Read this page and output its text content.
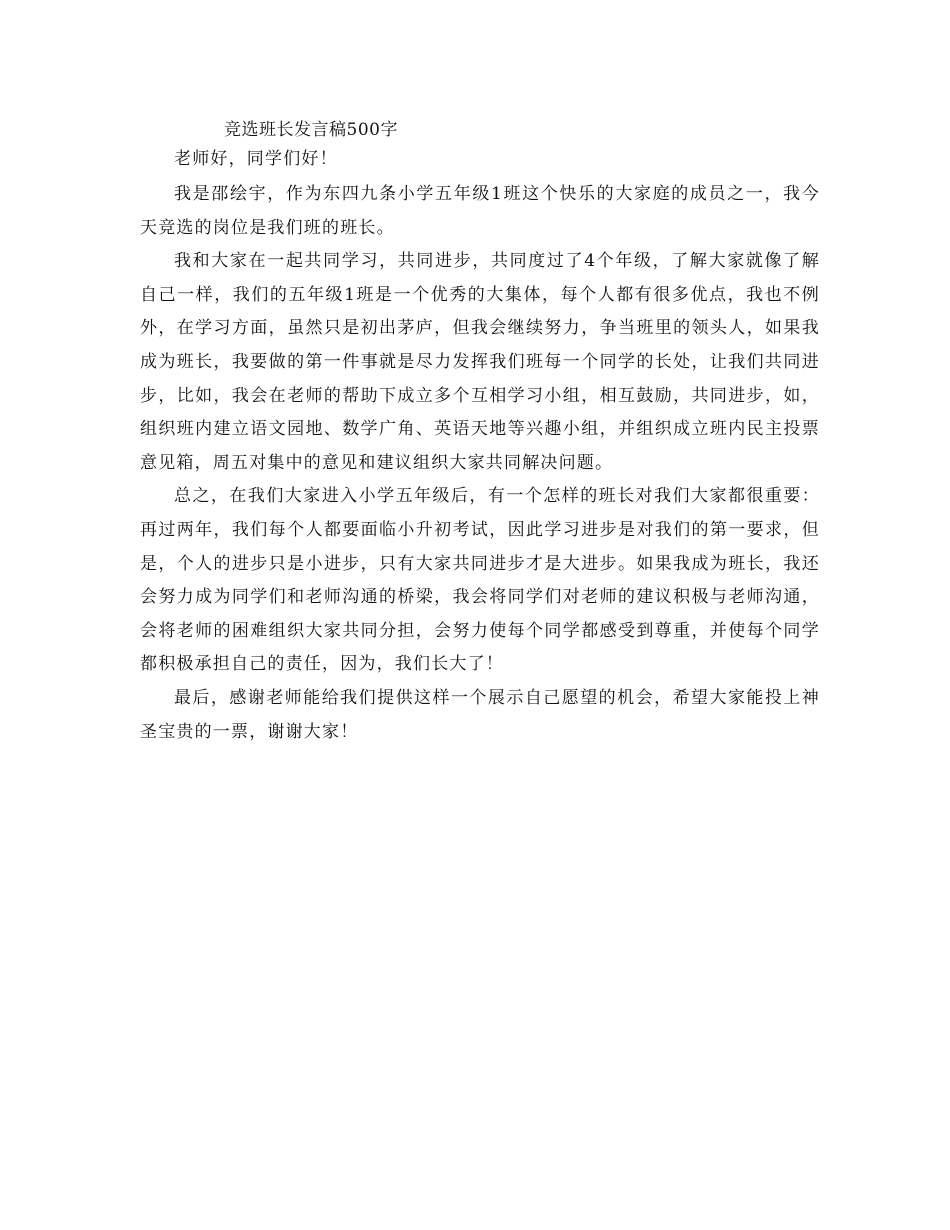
竞选班长发言稿500字

老师好，同学们好！

我是邵绘宇，作为东四九条小学五年级1班这个快乐的大家庭的成员之一，我今天竞选的岗位是我们班的班长。

我和大家在一起共同学习，共同进步，共同度过了4个年级，了解大家就像了解自己一样，我们的五年级1班是一个优秀的大集体，每个人都有很多优点，我也不例外，在学习方面，虽然只是初出茅庐，但我会继续努力，争当班里的领头人，如果我成为班长，我要做的第一件事就是尽力发挥我们班每一个同学的长处，让我们共同进步，比如，我会在老师的帮助下成立多个互相学习小组，相互鼓励，共同进步，如，组织班内建立语文园地、数学广角、英语天地等兴趣小组，并组织成立班内民主投票意见箱，周五对集中的意见和建议组织大家共同解决问题。

总之，在我们大家进入小学五年级后，有一个怎样的班长对我们大家都很重要：再过两年，我们每个人都要面临小升初考试，因此学习进步是对我们的第一要求，但是，个人的进步只是小进步，只有大家共同进步才是大进步。如果我成为班长，我还会努力成为同学们和老师沟通的桥梁，我会将同学们对老师的建议积极与老师沟通，会将老师的困难组织大家共同分担，会努力使每个同学都感受到尊重，并使每个同学都积极承担自己的责任，因为，我们长大了！

最后，感谢老师能给我们提供这样一个展示自己愿望的机会，希望大家能投上神圣宝贵的一票，谢谢大家！
